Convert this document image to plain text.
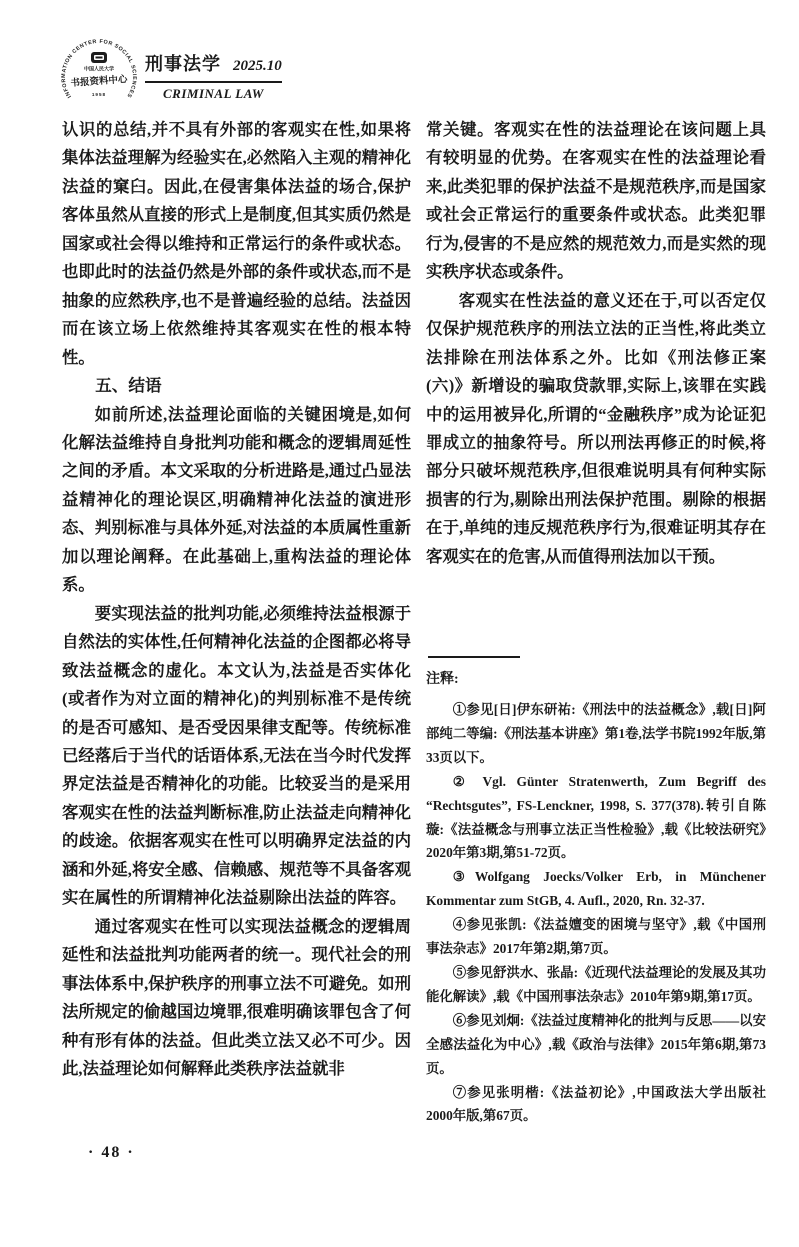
INFORMATION CENTER FOR SOCIAL SCIENCES
中国人民大学
书报资料中心
1958
刑事法学 2025.10
CRIMINAL LAW

认识的总结,并不具有外部的客观实在性,如果将集体法益理解为经验实在,必然陷入主观的精神化法益的窠臼。因此,在侵害集体法益的场合,保护客体虽然从直接的形式上是制度,但其实质仍然是国家或社会得以维持和正常运行的条件或状态。也即此时的法益仍然是外部的条件或状态,而不是抽象的应然秩序,也不是普遍经验的总结。法益因而在该立场上依然维持其客观实在性的根本特性。

五、结语

如前所述,法益理论面临的关键困境是,如何化解法益维持自身批判功能和概念的逻辑周延性之间的矛盾。本文采取的分析进路是,通过凸显法益精神化的理论误区,明确精神化法益的演进形态、判别标准与具体外延,对法益的本质属性重新加以理论阐释。在此基础上,重构法益的理论体系。

要实现法益的批判功能,必须维持法益根源于自然法的实体性,任何精神化法益的企图都必将导致法益概念的虚化。本文认为,法益是否实体化(或者作为对立面的精神化)的判别标准不是传统的是否可感知、是否受因果律支配等。传统标准已经落后于当代的话语体系,无法在当今时代发挥界定法益是否精神化的功能。比较妥当的是采用客观实在性的法益判断标准,防止法益走向精神化的歧途。依据客观实在性可以明确界定法益的内涵和外延,将安全感、信赖感、规范等不具备客观实在属性的所谓精神化法益剔除出法益的阵容。

通过客观实在性可以实现法益概念的逻辑周延性和法益批判功能两者的统一。现代社会的刑事法体系中,保护秩序的刑事立法不可避免。如刑法所规定的偷越国边境罪,很难明确该罪包含了何种有形有体的法益。但此类立法又必不可少。因此,法益理论如何解释此类秩序法益就非

常关键。客观实在性的法益理论在该问题上具有较明显的优势。在客观实在性的法益理论看来,此类犯罪的保护法益不是规范秩序,而是国家或社会正常运行的重要条件或状态。此类犯罪行为,侵害的不是应然的规范效力,而是实然的现实秩序状态或条件。

客观实在性法益的意义还在于,可以否定仅仅保护规范秩序的刑法立法的正当性,将此类立法排除在刑法体系之外。比如《刑法修正案(六)》新增设的骗取贷款罪,实际上,该罪在实践中的运用被异化,所谓的“金融秩序”成为论证犯罪成立的抽象符号。所以刑法再修正的时候,将部分只破坏规范秩序,但很难说明具有何种实际损害的行为,剔除出刑法保护范围。剔除的根据在于,单纯的违反规范秩序行为,很难证明其存在客观实在的危害,从而值得刑法加以干预。

注释:

①参见[日]伊东研祐:《刑法中的法益概念》,载[日]阿部纯二等编:《刑法基本讲座》第1卷,法学书院1992年版,第33页以下。

② Vgl. Günter Stratenwerth, Zum Begriff des “Rechtsgutes”, FS-Lenckner, 1998, S. 377(378).转引自陈璇:《法益概念与刑事立法正当性检验》,载《比较法研究》2020年第3期,第51-72页。

③Wolfgang Joecks/Volker Erb, in Münchener Kommentar zum StGB, 4. Aufl., 2020, Rn. 32-37.

④参见张凯:《法益嬗变的困境与坚守》,载《中国刑事法杂志》2017年第2期,第7页。

⑤参见舒洪水、张晶:《近现代法益理论的发展及其功能化解读》,载《中国刑事法杂志》2010年第9期,第17页。

⑥参见刘炯:《法益过度精神化的批判与反思——以安全感法益化为中心》,载《政治与法律》2015年第6期,第73页。

⑦参见张明楷:《法益初论》,中国政法大学出版社2000年版,第67页。

· 48 ·
